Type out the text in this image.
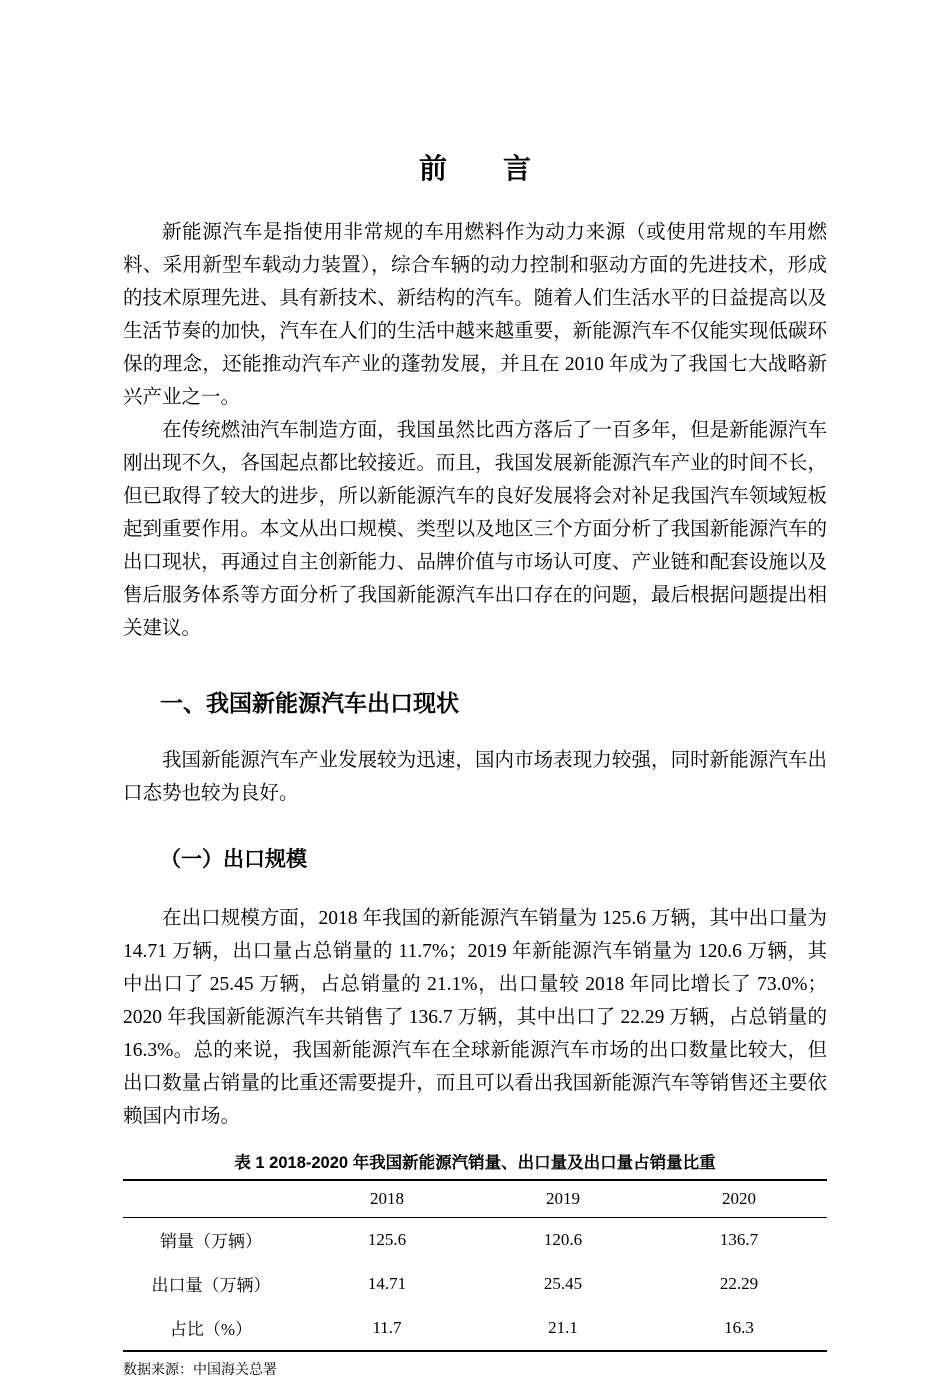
前　　言

新能源汽车是指使用非常规的车用燃料作为动力来源（或使用常规的车用燃料、采用新型车载动力装置），综合车辆的动力控制和驱动方面的先进技术，形成的技术原理先进、具有新技术、新结构的汽车。随着人们生活水平的日益提高以及生活节奏的加快，汽车在人们的生活中越来越重要，新能源汽车不仅能实现低碳环保的理念，还能推动汽车产业的蓬勃发展，并且在 2010 年成为了我国七大战略新兴产业之一。

在传统燃油汽车制造方面，我国虽然比西方落后了一百多年，但是新能源汽车刚出现不久，各国起点都比较接近。而且，我国发展新能源汽车产业的时间不长，但已取得了较大的进步，所以新能源汽车的良好发展将会对补足我国汽车领域短板起到重要作用。本文从出口规模、类型以及地区三个方面分析了我国新能源汽车的出口现状，再通过自主创新能力、品牌价值与市场认可度、产业链和配套设施以及售后服务体系等方面分析了我国新能源汽车出口存在的问题，最后根据问题提出相关建议。

一、我国新能源汽车出口现状

我国新能源汽车产业发展较为迅速，国内市场表现力较强，同时新能源汽车出口态势也较为良好。

（一）出口规模

在出口规模方面，2018 年我国的新能源汽车销量为 125.6 万辆，其中出口量为 14.71 万辆，出口量占总销量的 11.7%；2019 年新能源汽车销量为 120.6 万辆，其中出口了 25.45 万辆，占总销量的 21.1%，出口量较 2018 年同比增长了 73.0%；2020 年我国新能源汽车共销售了 136.7 万辆，其中出口了 22.29 万辆，占总销量的 16.3%。总的来说，我国新能源汽车在全球新能源汽车市场的出口数量比较大，但出口数量占销量的比重还需要提升，而且可以看出我国新能源汽车等销售还主要依赖国内市场。

表 1 2018-2020 年我国新能源汽销量、出口量及出口量占销量比重
	2018	2019	2020
销量（万辆）	125.6	120.6	136.7
出口量（万辆）	14.71	25.45	22.29
占比（%）	11.7	21.1	16.3
数据来源：中国海关总署
